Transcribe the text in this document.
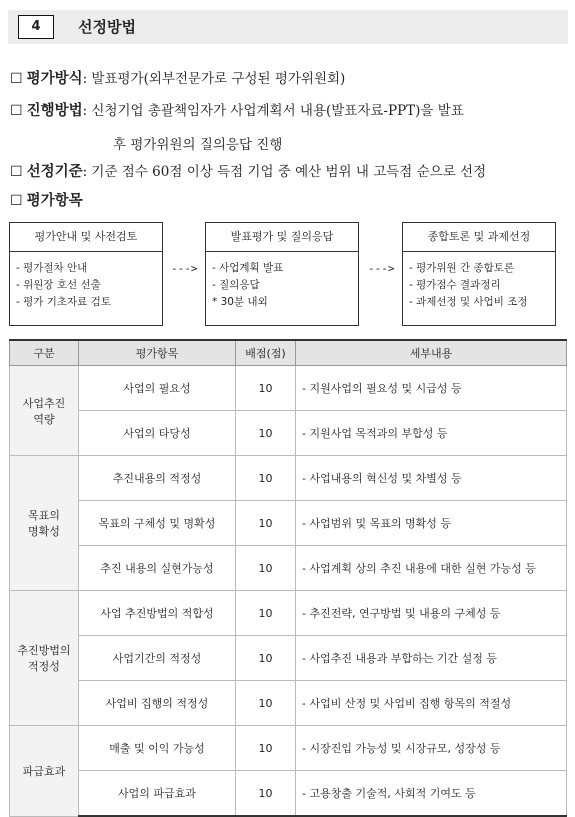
4	선정방법
☐ 평가방식: 발표평가(외부전문가로 구성된 평가위원회)
☐ 진행방법: 신청기업 총괄책임자가 사업계획서 내용(발표자료-PPT)을 발표
후 평가위원의 질의응답 진행
☐ 선정기준: 기준 점수 60점 이상 득점 기업 중 예산 범위 내 고득점 순으로 선정
☐ 평가항목
평가안내 및 사전검토
- 평가절차 안내
- 위원장 호선 선출
- 평가 기초자료 검토
--->
발표평가 및 질의응답
- 사업계획 발표
- 질의응답
* 30분 내외
--->
종합토론 및 과제선정
- 평가위원 간 종합토론
- 평가점수 결과정리
- 과제선정 및 사업비 조정
구분	평가항목	배점(점)	세부내용
사업추진
역량	사업의 필요성	10	- 지원사업의 필요성 및 시급성 등
	사업의 타당성	10	- 지원사업 목적과의 부합성 등
목표의
명확성	추진내용의 적정성	10	- 사업내용의 혁신성 및 차별성 등
	목표의 구체성 및 명확성	10	- 사업범위 및 목표의 명확성 등
	추진 내용의 실현가능성	10	- 사업계획 상의 추진 내용에 대한 실현 가능성 등
추진방법의
적정성	사업 추진방법의 적합성	10	- 추진전략, 연구방법 및 내용의 구체성 등
	사업기간의 적정성	10	- 사업추진 내용과 부합하는 기간 설정 등
	사업비 집행의 적정성	10	- 사업비 산정 및 사업비 집행 항목의 적절성
파급효과	매출 및 이익 가능성	10	- 시장진입 가능성 및 시장규모, 성장성 등
	사업의 파급효과	10	- 고용창출 기술적, 사회적 기여도 등
